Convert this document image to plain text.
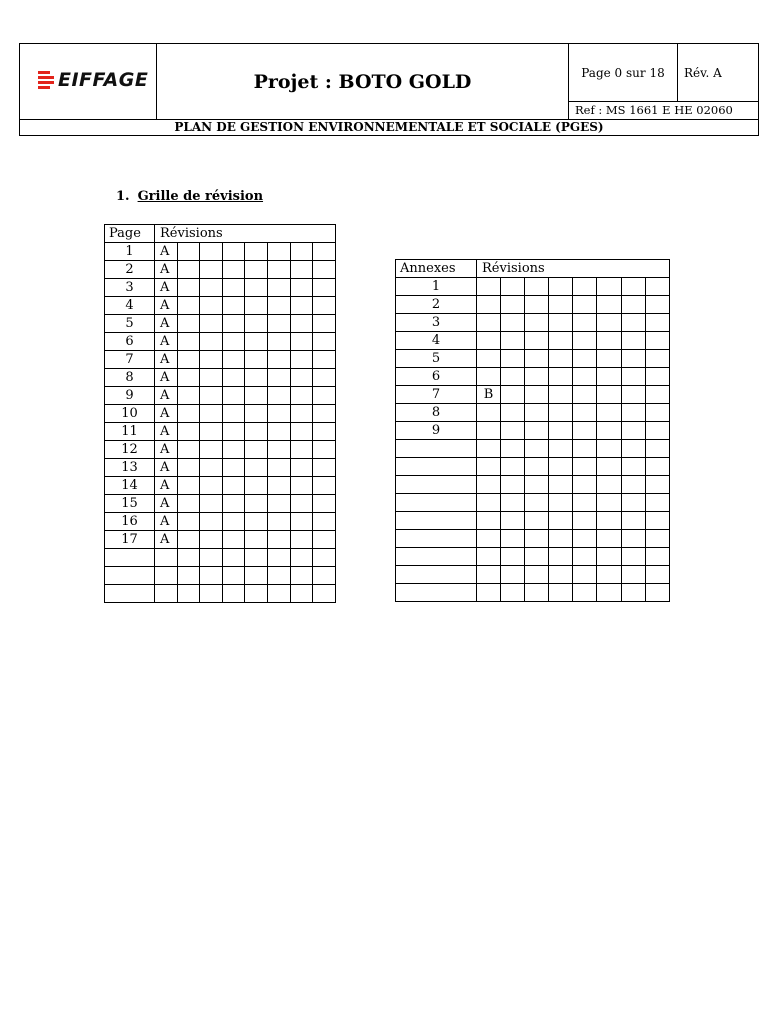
EIFFAGE	Projet : BOTO GOLD	Page 0 sur 18	Rév. A
Ref : MS 1661 E HE 02060
PLAN DE GESTION ENVIRONNEMENTALE ET SOCIALE (PGES)
1. Grille de révision
Page	Révisions							
1	A							
2	A							
3	A							
4	A							
5	A							
6	A							
7	A							
8	A							
9	A							
10	A							
11	A							
12	A							
13	A							
14	A							
15	A							
16	A							
17	A							

Annexes	Révisions							
1								
2								
3								
4								
5								
6								
7	B							
8								
9								
